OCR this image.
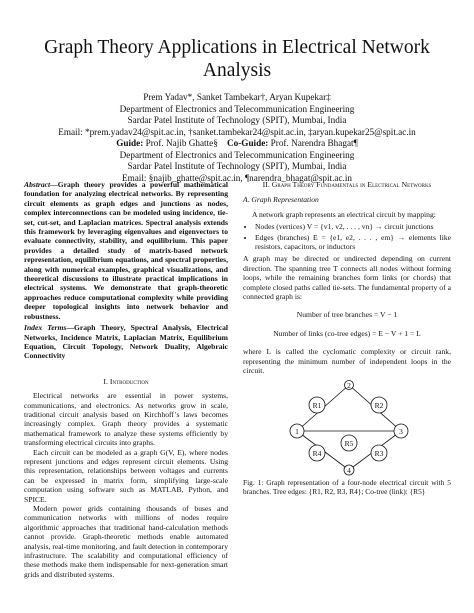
Graph Theory Applications in Electrical Network Analysis
Prem Yadav*, Sanket Tambekar†, Aryan Kupekar‡
Department of Electronics and Telecommunication Engineering
Sardar Patel Institute of Technology (SPIT), Mumbai, India
Email: *prem.yadav24@spit.ac.in, †sanket.tambekar24@spit.ac.in, ‡aryan.kupekar25@spit.ac.in
Guide: Prof. Najib Ghatte§ Co-Guide: Prof. Narendra Bhagat¶
Department of Electronics and Telecommunication Engineering
Sardar Patel Institute of Technology (SPIT), Mumbai, India
Email: §najib_ghatte@spit.ac.in, ¶narendra_bhagat@spit.ac.in
Abstract—Graph theory provides a powerful mathematical foundation for analyzing electrical networks. By representing circuit elements as graph edges and junctions as nodes, complex interconnections can be modeled using incidence, tie-set, cut-set, and Laplacian matrices. Spectral analysis extends this framework by leveraging eigenvalues and eigenvectors to evaluate connectivity, stability, and equilibrium. This paper provides a detailed study of matrix-based network representation, equilibrium equations, and spectral properties, along with numerical examples, graphical visualizations, and theoretical discussions to illustrate practical implications in electrical systems. We demonstrate that graph-theoretic approaches reduce computational complexity while providing deeper topological insights into network behavior and robustness.
Index Terms—Graph Theory, Spectral Analysis, Electrical Networks, Incidence Matrix, Laplacian Matrix, Equilibrium Equation, Circuit Topology, Network Duality, Algebraic Connectivity
I. Introduction

Electrical networks are essential in power systems, communications, and electronics. As networks grow in scale, traditional circuit analysis based on Kirchhoff’s laws becomes increasingly complex. Graph theory provides a systematic mathematical framework to analyze these systems efficiently by transforming electrical circuits into graphs.

Each circuit can be modeled as a graph G(V, E), where nodes represent junctions and edges represent circuit elements. Using this representation, relationships between voltages and currents can be expressed in matrix form, simplifying large-scale computation using software such as MATLAB, Python, and SPICE.

Modern power grids containing thousands of buses and communication networks with millions of nodes require algorithmic approaches that traditional hand-calculation methods cannot provide. Graph-theoretic methods enable automated analysis, real-time monitoring, and fault detection in contemporary infrastructure. The scalability and computational efficiency of these methods make them indispensable for next-generation smart grids and distributed systems.

II. Graph Theory Fundamentals in Electrical Networks
A. Graph Representation

A network graph represents an electrical circuit by mapping:

• Nodes (vertices) V = {v1, v2, . . . , vn} → circuit junctions
• Edges (branches) E = {e1, e2, . . . , em} → elements like resistors, capacitors, or inductors

A graph may be directed or undirected depending on current direction. The spanning tree T connects all nodes without forming loops, while the remaining branches form links (or chords) that complete closed paths called tie-sets. The fundamental property of a connected graph is:

Number of tree branches = V − 1
Number of links (co-tree edges) = E − V + 1 = L

where L is called the cyclomatic complexity or circuit rank, representing the minimum number of independent loops in the circuit.

1
2
3
4
R1	R2
R3
R4
R5
Fig. 1: Graph representation of a four-node electrical circuit with 5 branches. Tree edges: {R1, R2, R3, R4}; Co-tree (link): {R5}
